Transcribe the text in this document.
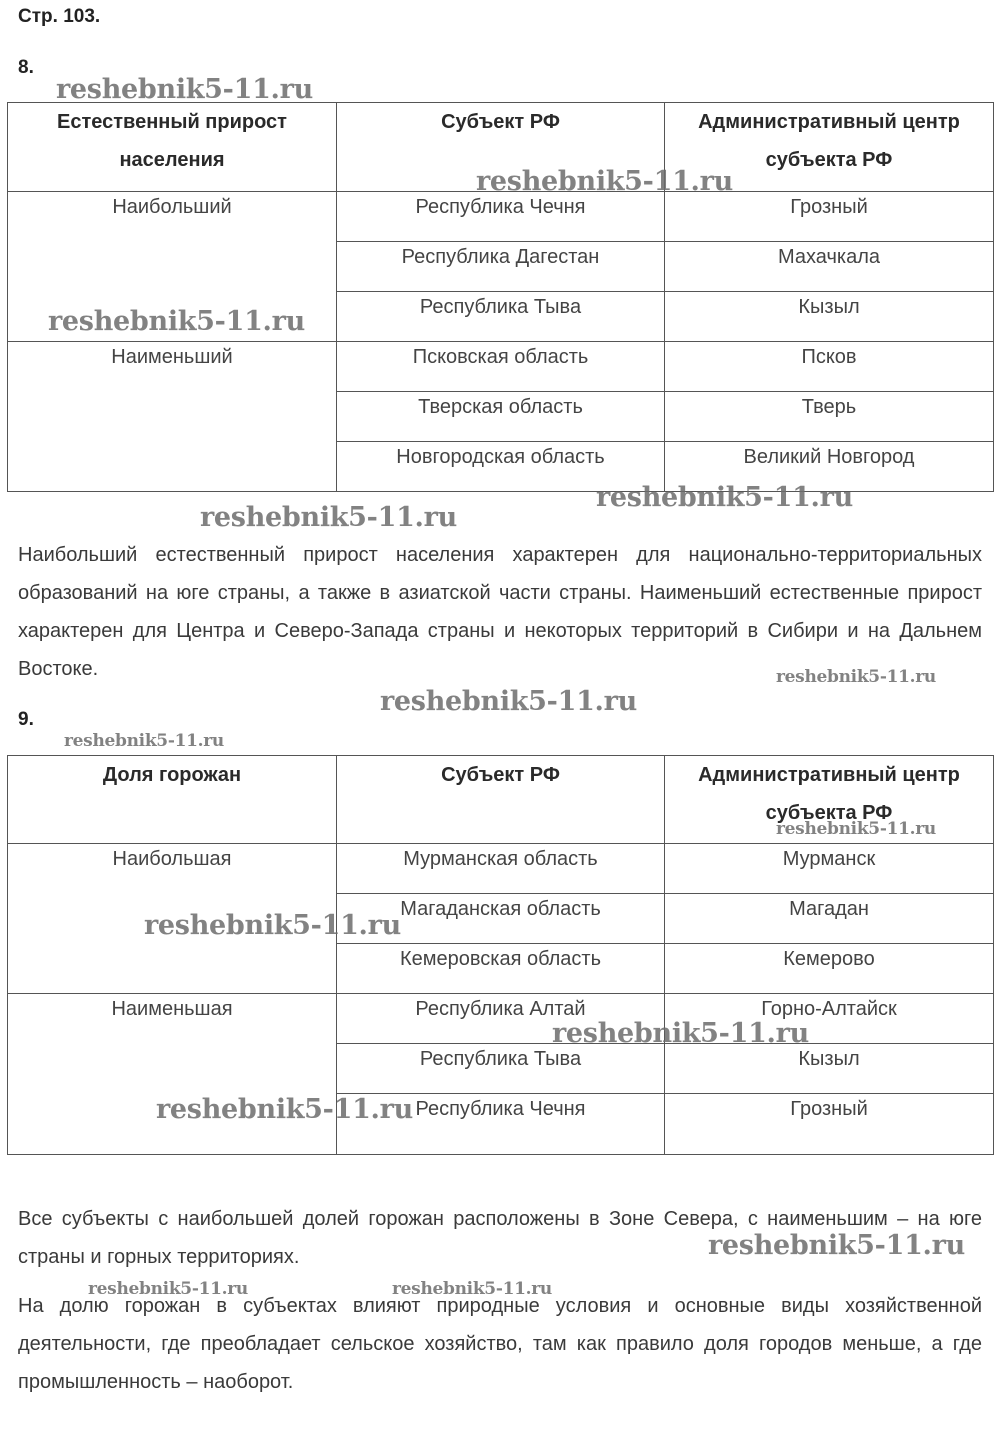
Стр. 103.
8.
Естественный прирост населения	Субъект РФ	Административный центр субъекта РФ
Наибольший	Республика Чечня	Грозный
	Республика Дагестан	Махачкала
	Республика Тыва	Кызыл
Наименьший	Псковская область	Псков
	Тверская область	Тверь
	Новгородская область	Великий Новгород
Наибольший естественный прирост населения характерен для национально-территориальных образований на юге страны, а также в азиатской части страны. Наименьший естественные прирост характерен для Центра и Северо-Запада страны и некоторых территорий в Сибири и на Дальнем Востоке.
9.
Доля горожан	Субъект РФ	Административный центр субъекта РФ
Наибольшая	Мурманская область	Мурманск
	Магаданская область	Магадан
	Кемеровская область	Кемерово
Наименьшая	Республика Алтай	Горно-Алтайск
	Республика Тыва	Кызыл
	Республика Чечня	Грозный
Все субъекты с наибольшей долей горожан расположены в Зоне Севера, с наименьшим – на юге страны и горных территориях.
На долю горожан в субъектах влияют природные условия и основные виды хозяйственной деятельности, где преобладает сельское хозяйство, там как правило доля городов меньше, а где промышленность – наоборот.
reshebnik5-11.ru
reshebnik5-11.ru
reshebnik5-11.ru
reshebnik5-11.ru
reshebnik5-11.ru
reshebnik5-11.ru
reshebnik5-11.ru
reshebnik5-11.ru
reshebnik5-11.ru
reshebnik5-11.ru
reshebnik5-11.ru
reshebnik5-11.ru
reshebnik5-11.ru
reshebnik5-11.ru	reshebnik5-11.ru
